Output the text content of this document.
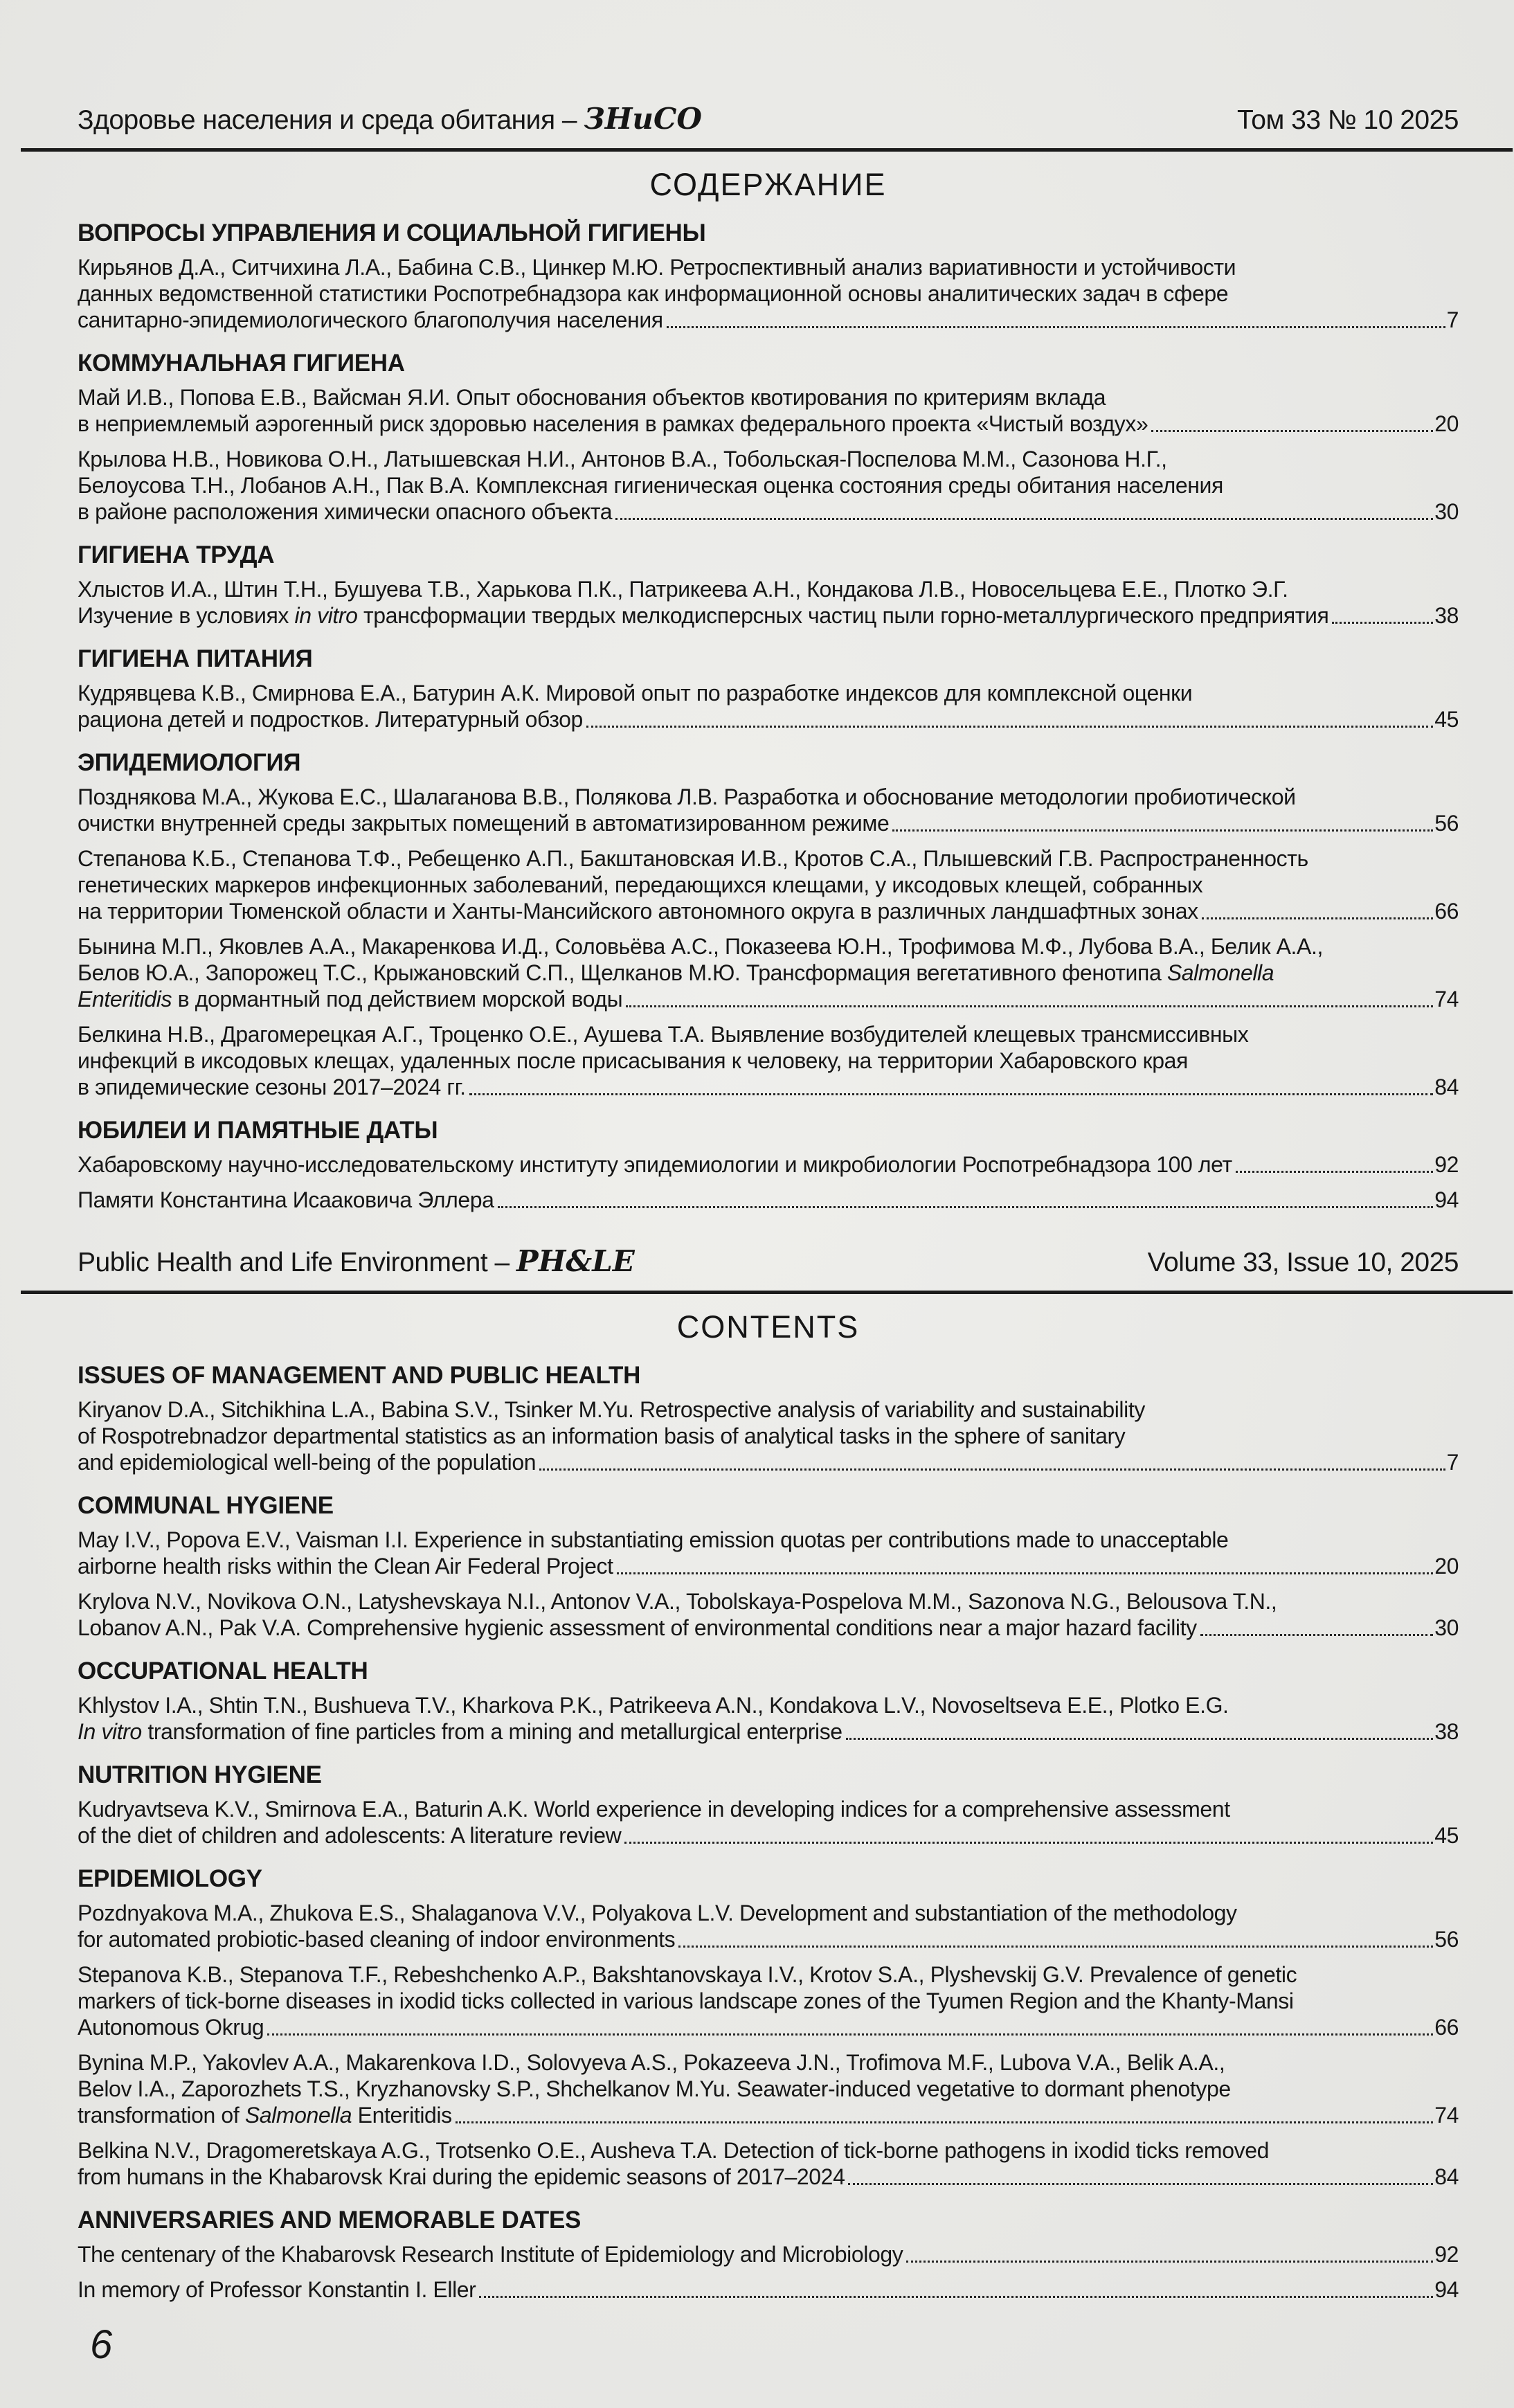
Здоровье населения и среда обитания – ЗНиСО	Том 33 № 10 2025
СОДЕРЖАНИЕ
ВОПРОСЫ УПРАВЛЕНИЯ И СОЦИАЛЬНОЙ ГИГИЕНЫ
Кирьянов Д.А., Ситчихина Л.А., Бабина С.В., Цинкер М.Ю. Ретроспективный анализ вариативности и устойчивости
данных ведомственной статистики Роспотребнадзора как информационной основы аналитических задач в сфере
санитарно-эпидемиологического благополучия населения	7
КОММУНАЛЬНАЯ ГИГИЕНА
Май И.В., Попова Е.В., Вайсман Я.И. Опыт обоснования объектов квотирования по критериям вклада
в неприемлемый аэрогенный риск здоровью населения в рамках федерального проекта «Чистый воздух»	20
Крылова Н.В., Новикова О.Н., Латышевская Н.И., Антонов В.А., Тобольская-Поспелова М.М., Сазонова Н.Г.,
Белоусова Т.Н., Лобанов А.Н., Пак В.А. Комплексная гигиеническая оценка состояния среды обитания населения
в районе расположения химически опасного объекта	30
ГИГИЕНА ТРУДА
Хлыстов И.А., Штин Т.Н., Бушуева Т.В., Харькова П.К., Патрикеева А.Н., Кондакова Л.В., Новосельцева Е.Е., Плотко Э.Г.
Изучение в условиях in vitro трансформации твердых мелкодисперсных частиц пыли горно-металлургического предприятия	38
ГИГИЕНА ПИТАНИЯ
Кудрявцева К.В., Смирнова Е.А., Батурин А.К. Мировой опыт по разработке индексов для комплексной оценки
рациона детей и подростков. Литературный обзор	45
ЭПИДЕМИОЛОГИЯ
Позднякова М.А., Жукова Е.С., Шалаганова В.В., Полякова Л.В. Разработка и обоснование методологии пробиотической
очистки внутренней среды закрытых помещений в автоматизированном режиме	56
Степанова К.Б., Степанова Т.Ф., Ребещенко А.П., Бакштановская И.В., Кротов С.А., Плышевский Г.В. Распространенность
генетических маркеров инфекционных заболеваний, передающихся клещами, у иксодовых клещей, собранных
на территории Тюменской области и Ханты-Мансийского автономного округа в различных ландшафтных зонах	66
Бынина М.П., Яковлев А.А., Макаренкова И.Д., Соловьёва А.С., Показеева Ю.Н., Трофимова М.Ф., Лубова В.А., Белик А.А.,
Белов Ю.А., Запорожец Т.С., Крыжановский С.П., Щелканов М.Ю. Трансформация вегетативного фенотипа Salmonella
Enteritidis в дормантный под действием морской воды	74
Белкина Н.В., Драгомерецкая А.Г., Троценко О.Е., Аушева Т.А. Выявление возбудителей клещевых трансмиссивных
инфекций в иксодовых клещах, удаленных после присасывания к человеку, на территории Хабаровского края
в эпидемические сезоны 2017–2024 гг.	84
ЮБИЛЕИ И ПАМЯТНЫЕ ДАТЫ
Хабаровскому научно-исследовательскому институту эпидемиологии и микробиологии Роспотребнадзора 100 лет	92
Памяти Константина Исааковича Эллера	94
Public Health and Life Environment – PH&LE	Volume 33, Issue 10, 2025
CONTENTS
ISSUES OF MANAGEMENT AND PUBLIC HEALTH
Kiryanov D.A., Sitchikhina L.A., Babina S.V., Tsinker M.Yu. Retrospective analysis of variability and sustainability
of Rospotrebnadzor departmental statistics as an information basis of analytical tasks in the sphere of sanitary
and epidemiological well-being of the population	7
COMMUNAL HYGIENE
May I.V., Popova E.V., Vaisman I.I. Experience in substantiating emission quotas per contributions made to unacceptable
airborne health risks within the Clean Air Federal Project	20
Krylova N.V., Novikova O.N., Latyshevskaya N.I., Antonov V.A., Tobolskaya-Pospelova M.M., Sazonova N.G., Belousova T.N.,
Lobanov A.N., Pak V.A. Comprehensive hygienic assessment of environmental conditions near a major hazard facility	30
OCCUPATIONAL HEALTH
Khlystov I.A., Shtin T.N., Bushueva T.V., Kharkova P.K., Patrikeeva A.N., Kondakova L.V., Novoseltseva E.E., Plotko E.G.
In vitro transformation of fine particles from a mining and metallurgical enterprise	38
NUTRITION HYGIENE
Kudryavtseva K.V., Smirnova E.A., Baturin A.K. World experience in developing indices for a comprehensive assessment
of the diet of children and adolescents: A literature review	45
EPIDEMIOLOGY
Pozdnyakova M.A., Zhukova E.S., Shalaganova V.V., Polyakova L.V. Development and substantiation of the methodology
for automated probiotic-based cleaning of indoor environments	56
Stepanova K.B., Stepanova T.F., Rebeshchenko A.P., Bakshtanovskaya I.V., Krotov S.A., Plyshevskij G.V. Prevalence of genetic
markers of tick-borne diseases in ixodid ticks collected in various landscape zones of the Tyumen Region and the Khanty-Mansi
Autonomous Okrug	66
Bynina M.P., Yakovlev A.A., Makarenkova I.D., Solovyeva A.S., Pokazeeva J.N., Trofimova M.F., Lubova V.A., Belik A.A.,
Belov I.A., Zaporozhets T.S., Kryzhanovsky S.P., Shchelkanov M.Yu. Seawater-induced vegetative to dormant phenotype
transformation of Salmonella Enteritidis	74
Belkina N.V., Dragomeretskaya A.G., Trotsenko O.E., Ausheva T.A. Detection of tick-borne pathogens in ixodid ticks removed
from humans in the Khabarovsk Krai during the epidemic seasons of 2017–2024	84
ANNIVERSARIES AND MEMORABLE DATES
The centenary of the Khabarovsk Research Institute of Epidemiology and Microbiology	92
In memory of Professor Konstantin I. Eller	94
6
